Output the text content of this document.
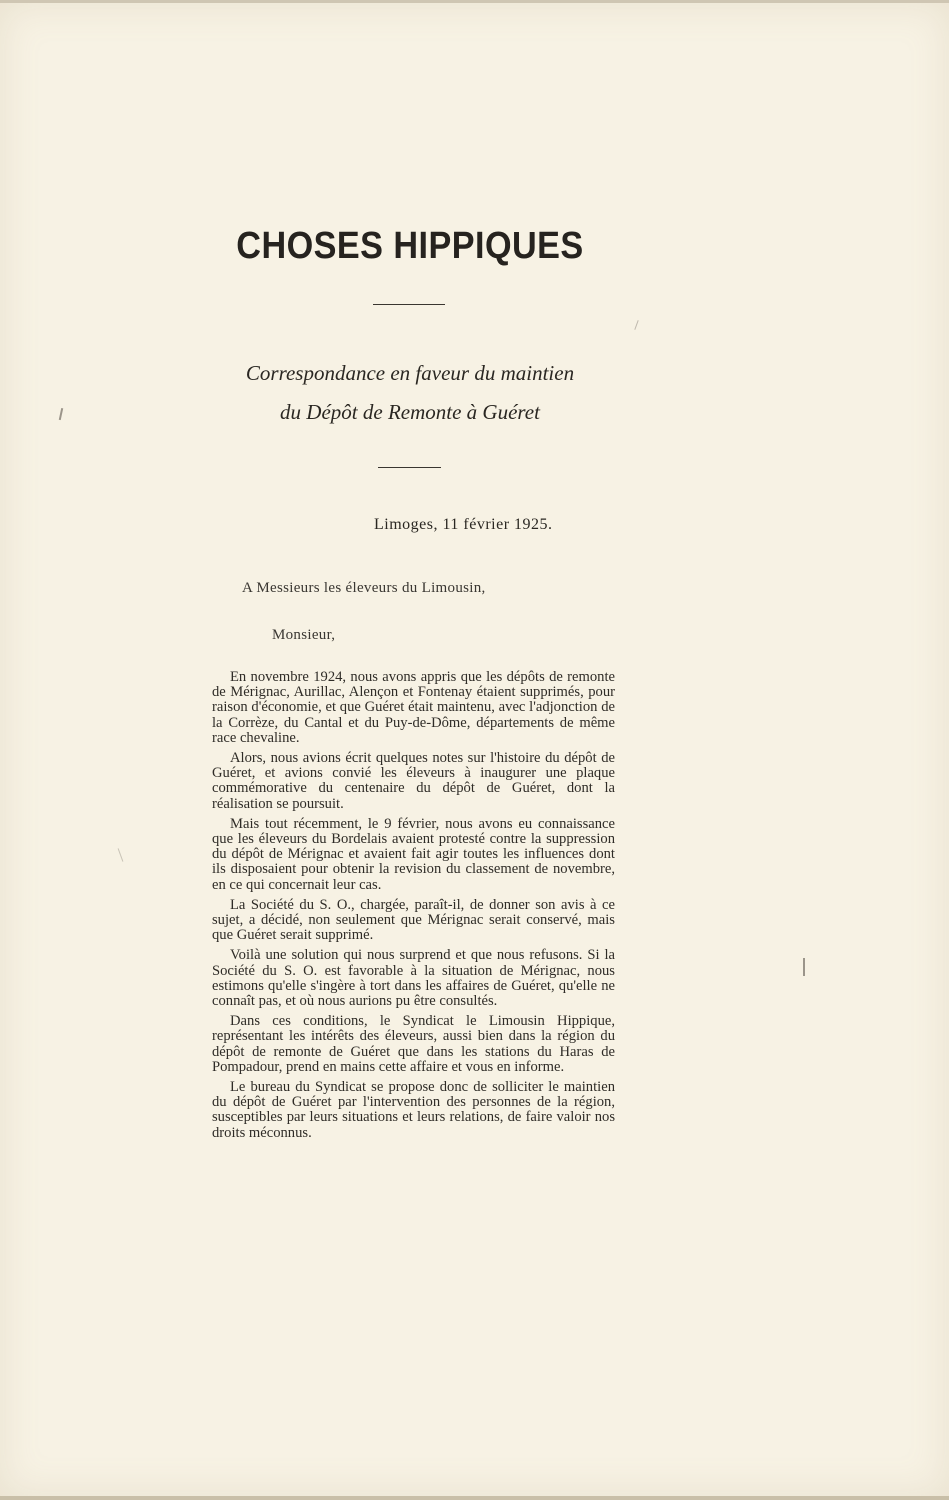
CHOSES HIPPIQUES
Correspondance en faveur du maintien
du Dépôt de Remonte à Guéret
Limoges, 11 février 1925.
A Messieurs les éleveurs du Limousin,
Monsieur,

En novembre 1924, nous avons appris que les dépôts de remonte de Mérignac, Aurillac, Alençon et Fontenay étaient supprimés, pour raison d'économie, et que Guéret était maintenu, avec l'adjonction de la Corrèze, du Cantal et du Puy-de-Dôme, départements de même race chevaline.

Alors, nous avions écrit quelques notes sur l'histoire du dépôt de Guéret, et avions convié les éleveurs à inaugurer une plaque commémorative du centenaire du dépôt de Guéret, dont la réalisation se poursuit.

Mais tout récemment, le 9 février, nous avons eu connaissance que les éleveurs du Bordelais avaient protesté contre la suppression du dépôt de Mérignac et avaient fait agir toutes les influences dont ils disposaient pour obtenir la revision du classement de novembre, en ce qui concernait leur cas.

La Société du S. O., chargée, paraît-il, de donner son avis à ce sujet, a décidé, non seulement que Mérignac serait conservé, mais que Guéret serait supprimé.

Voilà une solution qui nous surprend et que nous refusons. Si la Société du S. O. est favorable à la situation de Mérignac, nous estimons qu'elle s'ingère à tort dans les affaires de Guéret, qu'elle ne connaît pas, et où nous aurions pu être consultés.

Dans ces conditions, le Syndicat le Limousin Hippique, représentant les intérêts des éleveurs, aussi bien dans la région du dépôt de remonte de Guéret que dans les stations du Haras de Pompadour, prend en mains cette affaire et vous en informe.

Le bureau du Syndicat se propose donc de solliciter le maintien du dépôt de Guéret par l'intervention des personnes de la région, susceptibles par leurs situations et leurs relations, de faire valoir nos droits méconnus.
